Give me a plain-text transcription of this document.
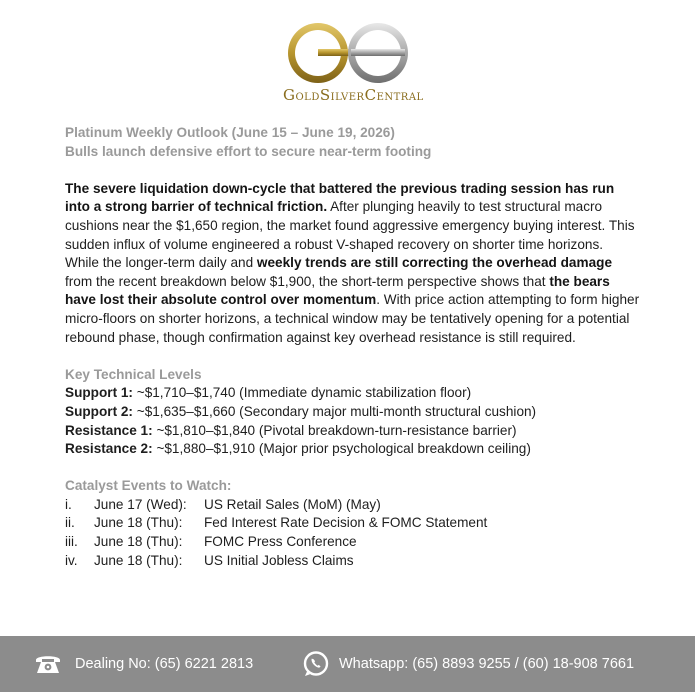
GOLDSILVERCENTRAL
Platinum Weekly Outlook (June 15 – June 19, 2026)
Bulls launch defensive effort to secure near-term footing
The severe liquidation down-cycle that battered the previous trading session has run into a strong barrier of technical friction. After plunging heavily to test structural macro cushions near the $1,650 region, the market found aggressive emergency buying interest. This sudden influx of volume engineered a robust V-shaped recovery on shorter time horizons. While the longer-term daily and weekly trends are still correcting the overhead damage from the recent breakdown below $1,900, the short-term perspective shows that the bears have lost their absolute control over momentum. With price action attempting to form higher micro-floors on shorter horizons, a technical window may be tentatively opening for a potential rebound phase, though confirmation against key overhead resistance is still required.
Key Technical Levels
Support 1: ~$1,710–$1,740 (Immediate dynamic stabilization floor)
Support 2: ~$1,635–$1,660 (Secondary major multi-month structural cushion)
Resistance 1: ~$1,810–$1,840 (Pivotal breakdown-turn-resistance barrier)
Resistance 2: ~$1,880–$1,910 (Major prior psychological breakdown ceiling)
Catalyst Events to Watch:
i.	June 17 (Wed):	US Retail Sales (MoM) (May)
ii.	June 18 (Thu):	Fed Interest Rate Decision & FOMC Statement
iii.	June 18 (Thu):	FOMC Press Conference
iv.	June 18 (Thu):	US Initial Jobless Claims
Dealing No: (65) 6221 2813	Whatsapp: (65) 8893 9255 / (60) 18-908 7661
